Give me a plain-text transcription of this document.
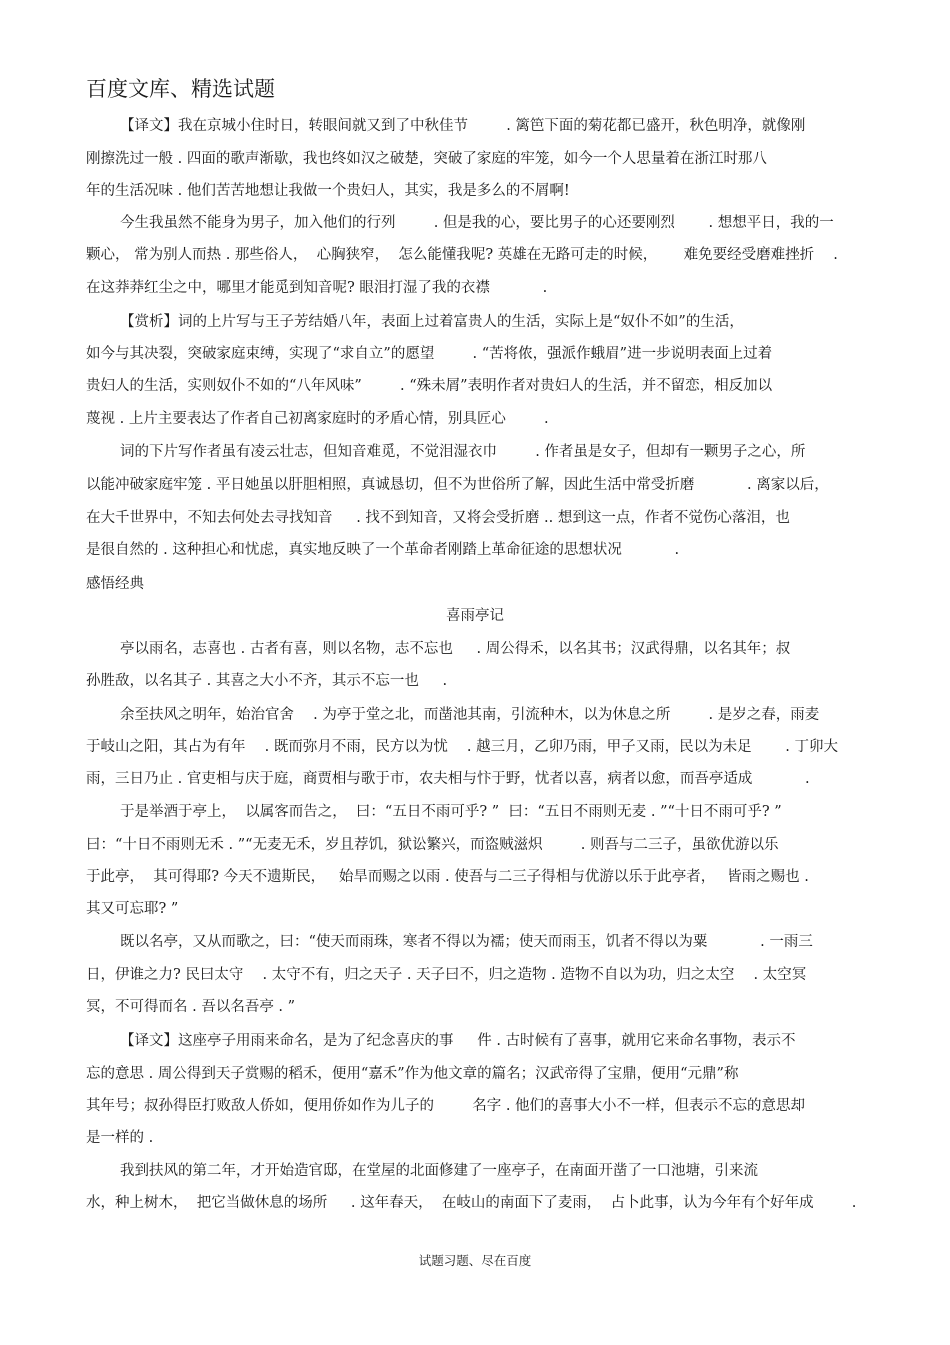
百度文库、精选试题
【译文】我在京城小住时日，转眼间就又到了中秋佳节 　　 . 篱笆下面的菊花都已盛开，秋色明净，就像刚
刚擦洗过一般 . 四面的歌声渐歇，我也终如汉之破楚，突破了家庭的牢笼，如今一个人思量着在浙江时那八
年的生活况味 . 他们苦苦地想让我做一个贵妇人，其实，我是多么的不屑啊!
今生我虽然不能身为男子，加入他们的行列 　　 . 但是我的心，要比男子的心还要刚烈 　　. 想想平日，我的一
颗心， 常为别人而热 . 那些俗人，  心胸狭窄，  怎么能懂我呢? 英雄在无路可走的时候，　　 难免要经受磨难挫折 　.
在这莽莽红尘之中，哪里才能觅到知音呢? 眼泪打湿了我的衣襟 　　　 .
【赏析】词的上片写与王子芳结婚八年，表面上过着富贵人的生活，实际上是“奴仆不如”的生活，
如今与其决裂，突破家庭束缚，实现了“求自立”的愿望 　　 . “苦将侬，强派作蛾眉”进一步说明表面上过着
贵妇人的生活，实则奴仆不如的“八年风味” 　　 . “殊未屑”表明作者对贵妇人的生活，并不留恋，相反加以
蔑视 . 上片主要表达了作者自己初离家庭时的矛盾心情，别具匠心 　　 .
词的下片写作者虽有凌云壮志，但知音难觅，不觉泪湿衣巾 　　 . 作者虽是女子，但却有一颗男子之心，所
以能冲破家庭牢笼 . 平日她虽以肝胆相照，真诚恳切，但不为世俗所了解，因此生活中常受折磨 　　　 . 离家以后，
在大千世界中，不知去何处去寻找知音 　 . 找不到知音，又将会受折磨 .. 想到这一点，作者不觉伤心落泪，也
是很自然的 . 这种担心和忧虑，真实地反映了一个革命者刚踏上革命征途的思想状况 　　　 .
感悟经典
喜雨亭记
亭以雨名，志喜也 . 古者有喜，则以名物，志不忘也 　 . 周公得禾，以名其书；汉武得鼎，以名其年；叔
孙胜敌，以名其子 . 其喜之大小不齐，其示不忘一也 　 .
余至扶风之明年，始治官舍 　. 为亭于堂之北，而凿池其南，引流种木，以为休息之所 　　 . 是岁之春，雨麦
于岐山之阳，其占为有年 　. 既而弥月不雨，民方以为忧 　. 越三月，乙卯乃雨，甲子又雨，民以为未足 　　. 丁卯大
雨，三日乃止 . 官吏相与庆于庭，商贾相与歌于市，农夫相与忭于野，忧者以喜，病者以愈，而吾亭适成 　　　 .
于是举酒于亭上，  以属客而告之，  曰：“五日不雨可乎? ”  曰：“五日不雨则无麦 . ”“十日不雨可乎? ”
曰：“十日不雨则无禾 . ”“无麦无禾，岁且荐饥，狱讼繁兴，而盗贼滋炽 　　 . 则吾与二三子，虽欲优游以乐
于此亭，  其可得耶? 今天不遗斯民，   始旱而赐之以雨 . 使吾与二三子得相与优游以乐于此亭者，　 皆雨之赐也 .
其又可忘耶? ”
既以名亭，又从而歌之，曰：“使天而雨珠，寒者不得以为襦；使天而雨玉，饥者不得以为粟 　　　 . 一雨三
日，伊谁之力? 民曰太守 　. 太守不有，归之天子 . 天子曰不，归之造物 . 造物不自以为功，归之太空 　. 太空冥
冥，不可得而名 . 吾以名吾亭 . ”
【译文】这座亭子用雨来命名，是为了纪念喜庆的事 　 件 . 古时候有了喜事，就用它来命名事物，表示不
忘的意思 . 周公得到天子赏赐的稻禾，便用“嘉禾”作为他文章的篇名；汉武帝得了宝鼎，便用“元鼎”称
其年号；叔孙得臣打败敌人侨如，便用侨如作为儿子的 　　 名字 . 他们的喜事大小不一样，但表示不忘的意思却
是一样的 .
我到扶风的第二年，才开始造官邸，在堂屋的北面修建了一座亭子，在南面开凿了一口池塘，引来流
水，种上树木，  把它当做休息的场所 　 . 这年春天，  在岐山的南面下了麦雨，  占卜此事，认为今年有个好年成 　　 .
试题习题、尽在百度
